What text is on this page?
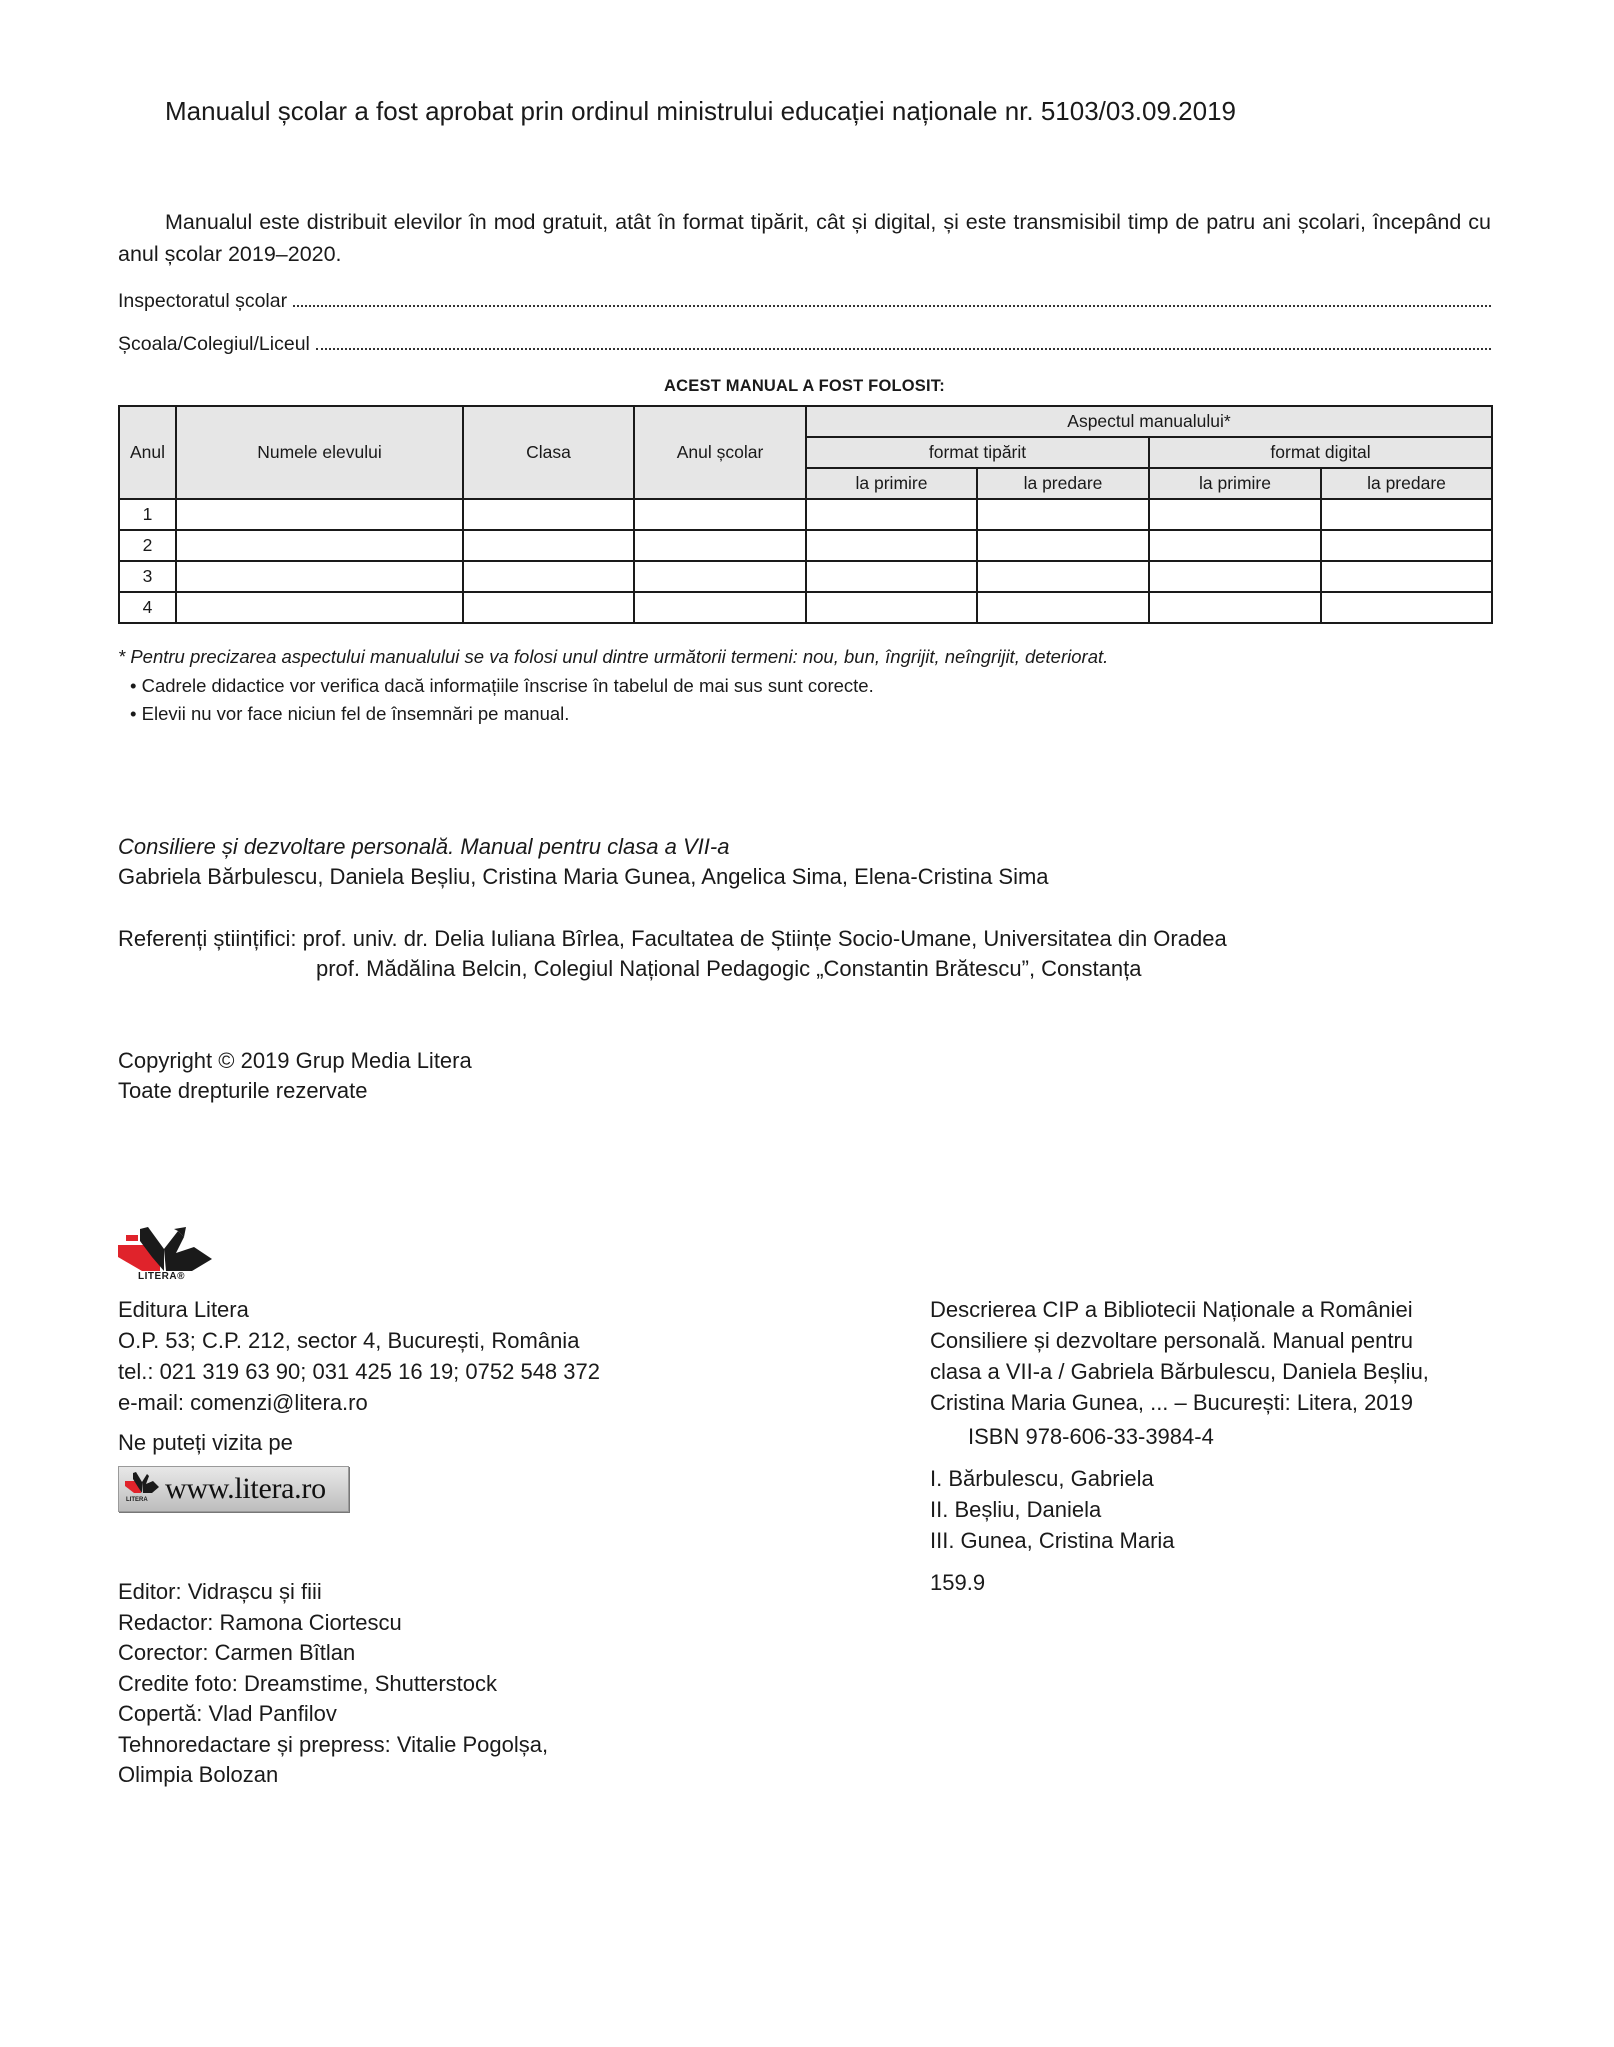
Manualul școlar a fost aprobat prin ordinul ministrului educației naționale nr. 5103/03.09.2019
Manualul este distribuit elevilor în mod gratuit, atât în format tipărit, cât și digital, și este transmisibil timp de patru ani școlari, începând cu anul școlar 2019–2020.
Inspectoratul școlar
Școala/Colegiul/Liceul
ACEST MANUAL A FOST FOLOSIT:
Anul	Numele elevului	Clasa	Anul școlar	Aspectul manualului*			
				format tipărit		format digital	
				la primire	la predare	la primire	la predare
1							
2							
3							
4							
* Pentru precizarea aspectului manualului se va folosi unul dintre următorii termeni: nou, bun, îngrijit, neîngrijit, deteriorat.
• Cadrele didactice vor verifica dacă informațiile înscrise în tabelul de mai sus sunt corecte.
• Elevii nu vor face niciun fel de însemnări pe manual.
Consiliere și dezvoltare personală. Manual pentru clasa a VII-a
Gabriela Bărbulescu, Daniela Beșliu, Cristina Maria Gunea, Angelica Sima, Elena-Cristina Sima
Referenți științifici: prof. univ. dr. Delia Iuliana Bîrlea, Facultatea de Științe Socio-Umane, Universitatea din Oradea
prof. Mădălina Belcin, Colegiul Național Pedagogic „Constantin Brătescu”, Constanța
Copyright © 2019 Grup Media Litera
Toate drepturile rezervate
LITERA®
Editura Litera
O.P. 53; C.P. 212, sector 4, București, România
tel.: 021 319 63 90; 031 425 16 19; 0752 548 372
e-mail: comenzi@litera.ro
Ne puteți vizita pe
LITERA www.litera.ro
Descrierea CIP a Bibliotecii Naționale a României
Consiliere și dezvoltare personală. Manual pentru
clasa a VII-a / Gabriela Bărbulescu, Daniela Beșliu,
Cristina Maria Gunea, ... – București: Litera, 2019
ISBN 978-606-33-3984-4
I. Bărbulescu, Gabriela
II. Beșliu, Daniela
III. Gunea, Cristina Maria
159.9
Editor: Vidrașcu și fiii
Redactor: Ramona Ciortescu
Corector: Carmen Bîtlan
Credite foto: Dreamstime, Shutterstock
Copertă: Vlad Panfilov
Tehnoredactare și prepress: Vitalie Pogolșa,
Olimpia Bolozan
